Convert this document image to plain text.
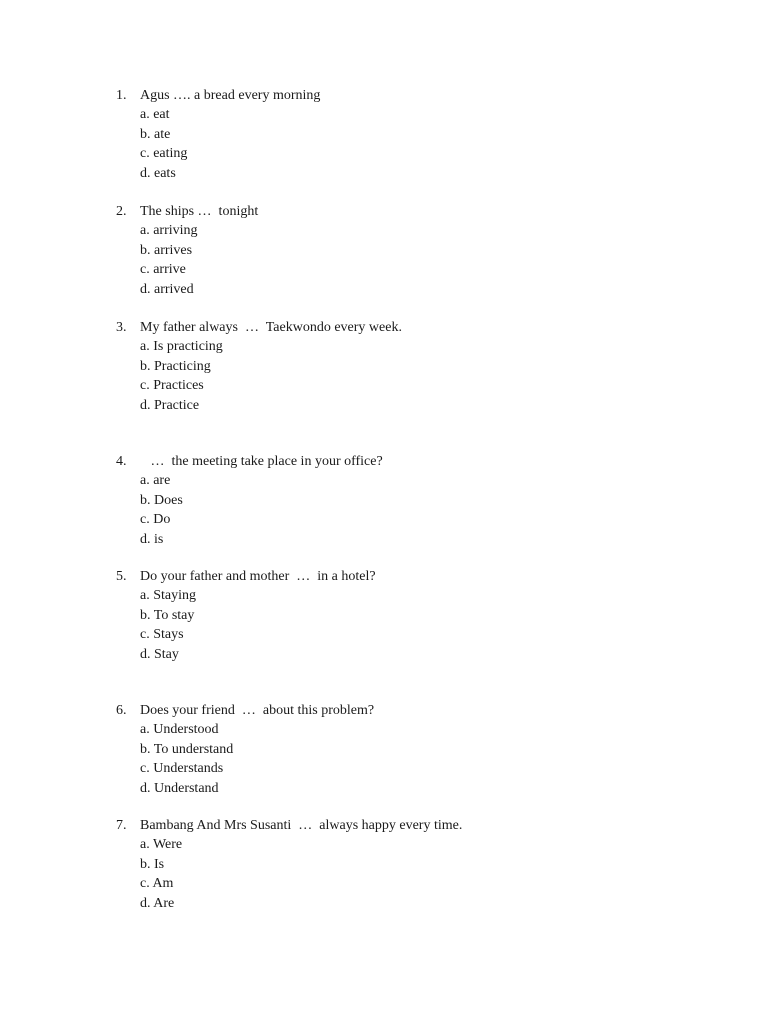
1. Agus …. a bread every morning
a. eat
b. ate
c. eating
d. eats
2. The ships …  tonight
a. arriving
b. arrives
c. arrive
d. arrived
3. My father always  …  Taekwondo every week.
a. Is practicing
b. Practicing
c. Practices
d. Practice
4. …  the meeting take place in your office?
a. are
b. Does
c. Do
d. is
5. Do your father and mother  …  in a hotel?
a. Staying
b. To stay
c. Stays
d. Stay
6. Does your friend  …  about this problem?
a. Understood
b. To understand
c. Understands
d. Understand
7. Bambang And Mrs Susanti  …  always happy every time.
a. Were
b. Is
c. Am
d. Are
